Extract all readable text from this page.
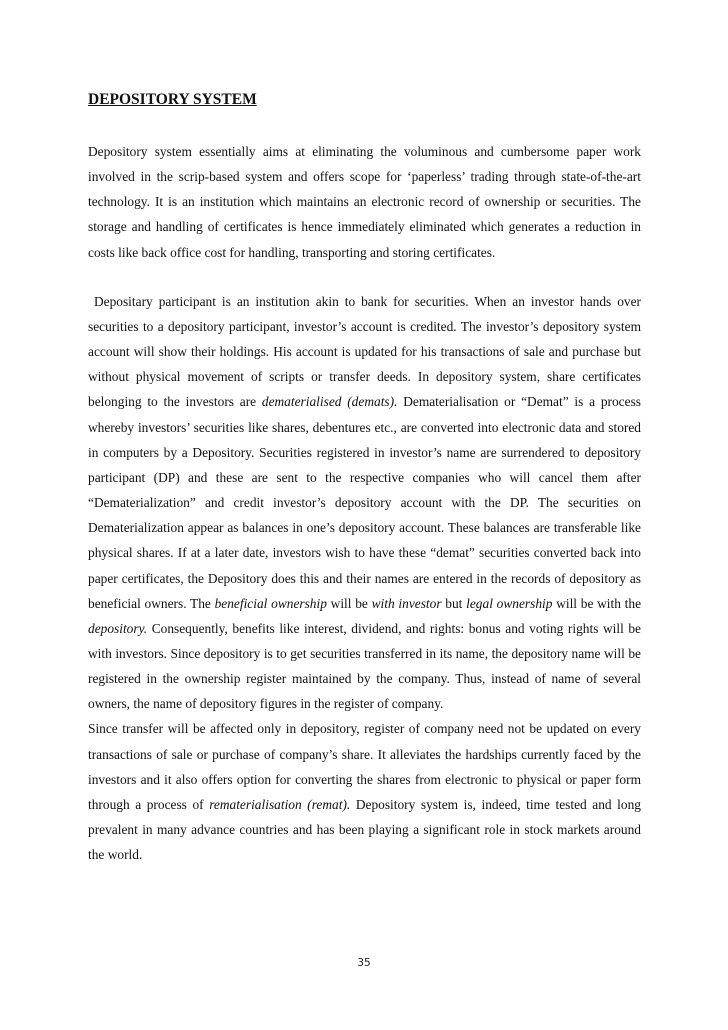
DEPOSITORY SYSTEM

Depository system essentially aims at eliminating the voluminous and cumbersome paper work involved in the scrip-based system and offers scope for ‘paperless’ trading through state-of-the-art technology. It is an institution which maintains an electronic record of ownership or securities. The storage and handling of certificates is hence immediately eliminated which generates a reduction in costs like back office cost for handling, transporting and storing certificates.

Depositary participant is an institution akin to bank for securities. When an investor hands over securities to a depository participant, investor’s account is credited. The investor’s depository system account will show their holdings. His account is updated for his transactions of sale and purchase but without physical movement of scripts or transfer deeds. In depository system, share certificates belonging to the investors are dematerialised (demats). Dematerialisation or “Demat” is a process whereby investors’ securities like shares, debentures etc., are converted into electronic data and stored in computers by a Depository. Securities registered in investor’s name are surrendered to depository participant (DP) and these are sent to the respective companies who will cancel them after “Dematerialization” and credit investor’s depository account with the DP. The securities on Dematerialization appear as balances in one’s depository account. These balances are transferable like physical shares. If at a later date, investors wish to have these “demat” securities converted back into paper certificates, the Depository does this and their names are entered in the records of depository as beneficial owners. The beneficial ownership will be with investor but legal ownership will be with the depository. Consequently, benefits like interest, dividend, and rights: bonus and voting rights will be with investors. Since depository is to get securities transferred in its name, the depository name will be registered in the ownership register maintained by the company. Thus, instead of name of several owners, the name of depository figures in the register of company.

Since transfer will be affected only in depository, register of company need not be updated on every transactions of sale or purchase of company’s share. It alleviates the hardships currently faced by the investors and it also offers option for converting the shares from electronic to physical or paper form through a process of rematerialisation (remat). Depository system is, indeed, time tested and long prevalent in many advance countries and has been playing a significant role in stock markets around the world.

35
